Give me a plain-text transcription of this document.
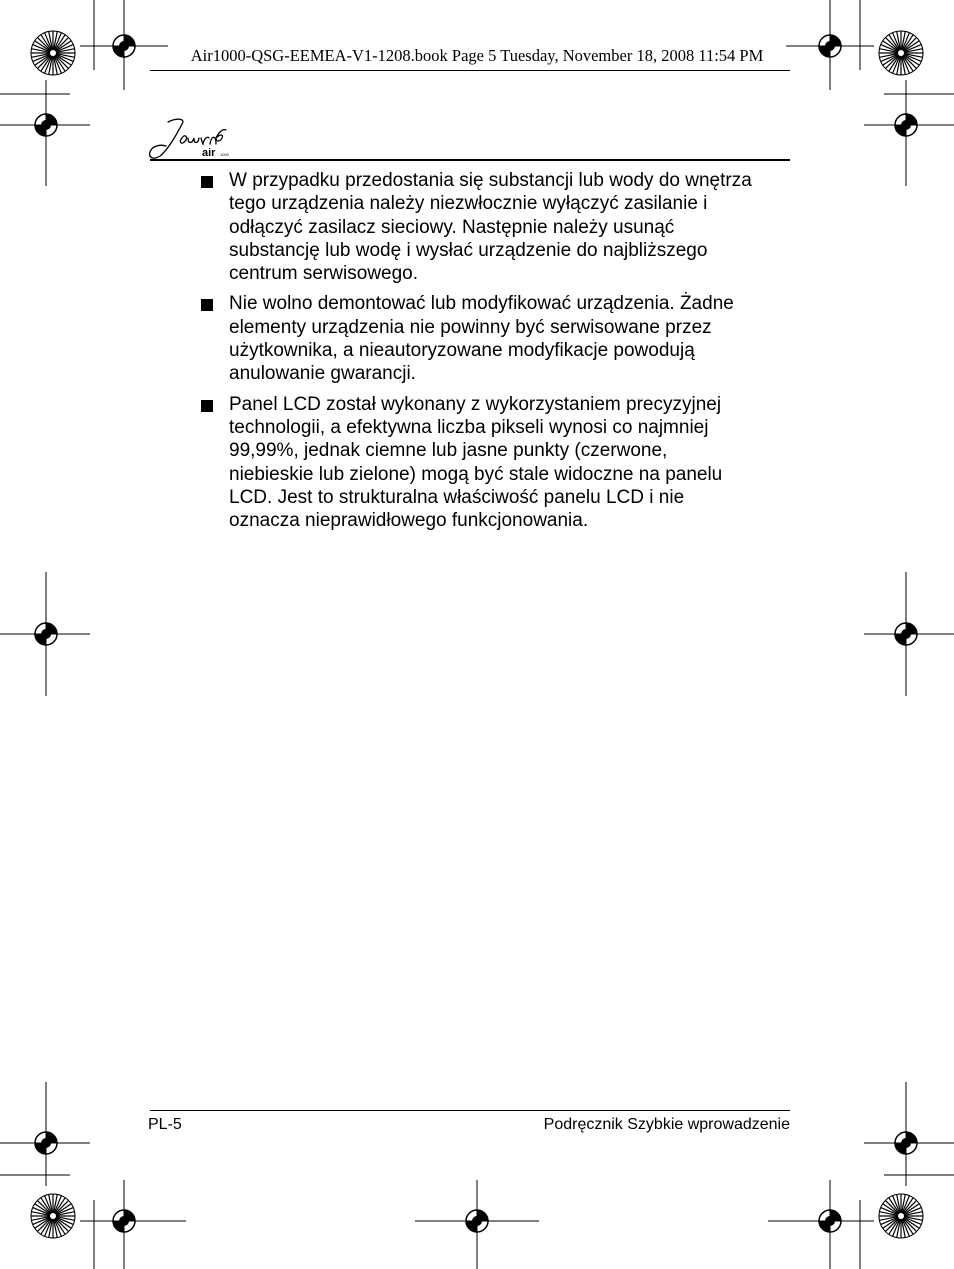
Air1000-QSG-EEMEA-V1-1208.book Page 5 Tuesday, November 18, 2008 11:54 PM
air 1000
W przypadku przedostania się substancji lub wody do wnętrza
tego urządzenia należy niezwłocznie wyłączyć zasilanie i
odłączyć zasilacz sieciowy. Następnie należy usunąć
substancję lub wodę i wysłać urządzenie do najbliższego
centrum serwisowego.
Nie wolno demontować lub modyfikować urządzenia. Żadne
elementy urządzenia nie powinny być serwisowane przez
użytkownika, a nieautoryzowane modyfikacje powodują
anulowanie gwarancji.
Panel LCD został wykonany z wykorzystaniem precyzyjnej
technologii, a efektywna liczba pikseli wynosi co najmniej
99,99%, jednak ciemne lub jasne punkty (czerwone,
niebieskie lub zielone) mogą być stale widoczne na panelu
LCD. Jest to strukturalna właściwość panelu LCD i nie
oznacza nieprawidłowego funkcjonowania.
PL-5	Podręcznik Szybkie wprowadzenie
